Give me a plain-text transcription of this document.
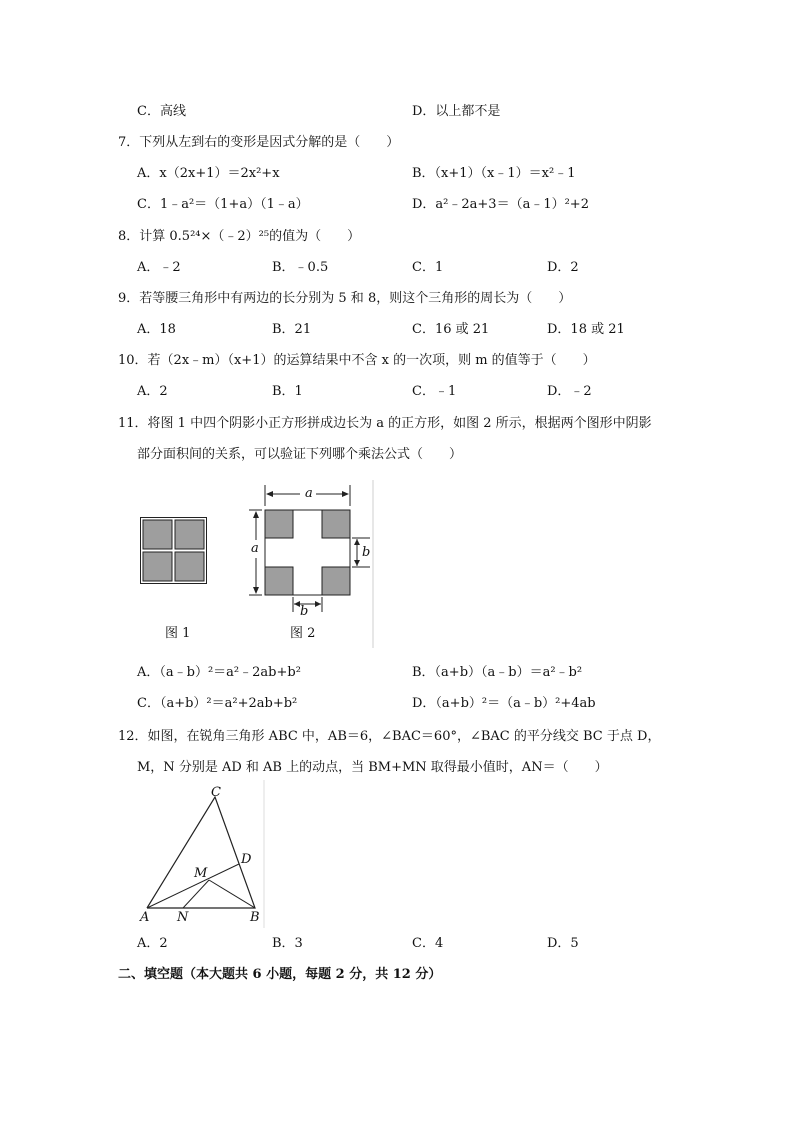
C．高线	D．以上都不是
7．下列从左到右的变形是因式分解的是（　　）
A．x（2x+1）＝2x²+x	B．（x+1）（x﹣1）＝x²﹣1
C．1﹣a²＝（1+a）（1﹣a）	D．a²﹣2a+3＝（a﹣1）²+2
8．计算 0.5²⁴×（﹣2）²⁵的值为（　　）
A．﹣2	B．﹣0.5	C．1	D．2
9．若等腰三角形中有两边的长分别为 5 和 8，则这个三角形的周长为（　　）
A．18	B．21	C．16 或 21	D．18 或 21
10．若（2x﹣m）（x+1）的运算结果中不含 x 的一次项，则 m 的值等于（　　）
A．2	B．1	C．﹣1	D．﹣2
11．将图 1 中四个阴影小正方形拼成边长为 a 的正方形，如图 2 所示，根据两个图形中阴影
部分面积间的关系，可以验证下列哪个乘法公式（　　）
图 1
a
a	b
b
图 2
A．（a﹣b）²＝a²﹣2ab+b²	B．（a+b）（a﹣b）＝a²﹣b²
C．（a+b）²＝a²+2ab+b²	D．（a+b）²＝（a﹣b）²+4ab
12．如图，在锐角三角形 ABC 中，AB＝6，∠BAC＝60°，∠BAC 的平分线交 BC 于点 D，
M，N 分别是 AD 和 AB 上的动点，当 BM+MN 取得最小值时，AN＝（　　）
C
D
M
A N	B
A．2	B．3	C．4	D．5
二、填空题（本大题共 6 小题，每题 2 分，共 12 分）
